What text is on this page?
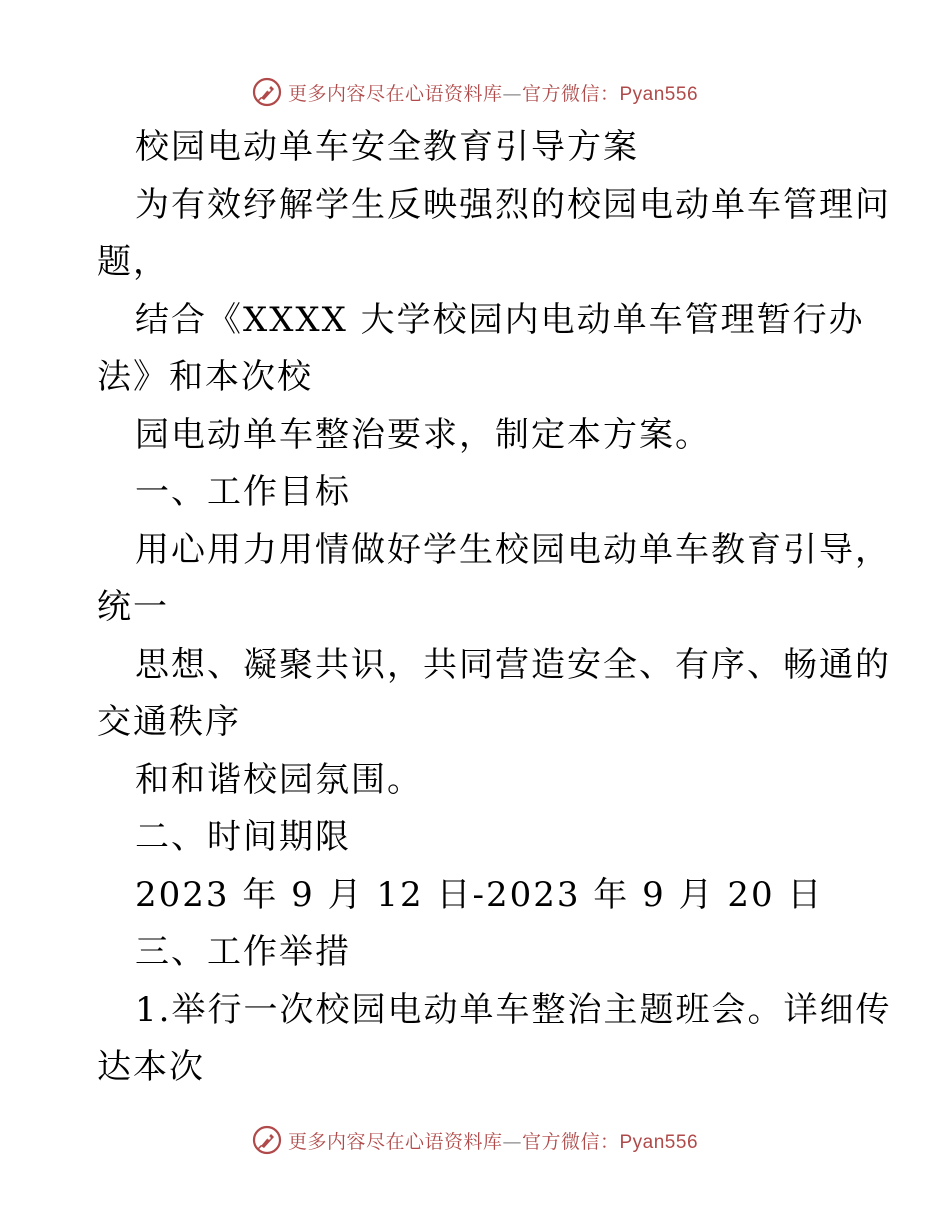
更多内容尽在心语资料库—官方微信：Pyan556
校园电动单车安全教育引导方案
为有效纾解学生反映强烈的校园电动单车管理问
题，
结合《XXXX 大学校园内电动单车管理暂行办
法》和本次校
园电动单车整治要求，制定本方案。
一、工作目标
用心用力用情做好学生校园电动单车教育引导，
统一
思想、凝聚共识，共同营造安全、有序、畅通的
交通秩序
和和谐校园氛围。
二、时间期限
2023 年 9 月 12 日-2023 年 9 月 20 日
三、工作举措
1.举行一次校园电动单车整治主题班会。详细传
达本次
更多内容尽在心语资料库—官方微信：Pyan556
